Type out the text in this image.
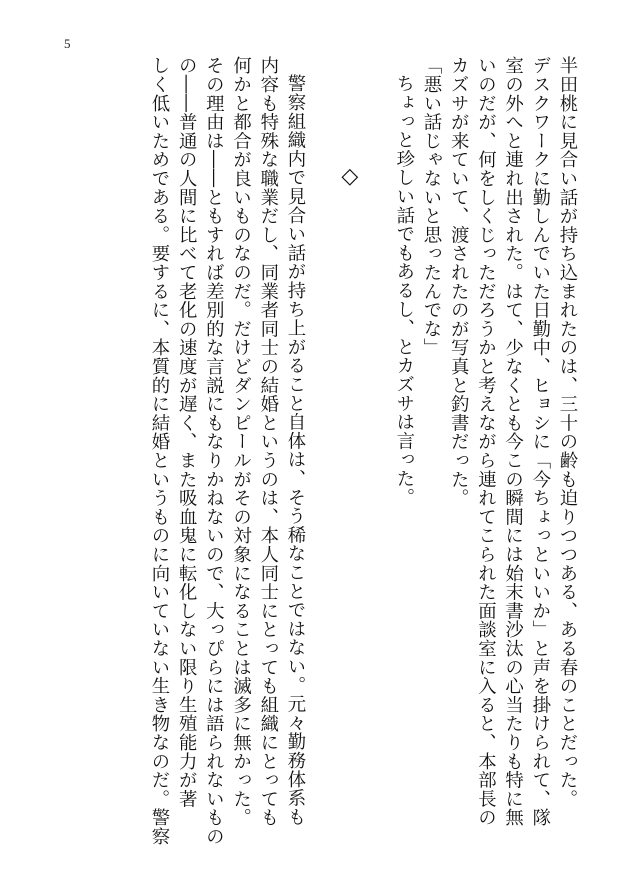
5
半田桃に見合い話が持ち込まれたのは、三十の齢も迫りつつある、ある春のことだった。
デスクワークに勤しんでいた日勤中、ヒョシに「今ちょっといいか」と声を掛けられて、隊
室の外へと連れ出された。はて、少なくとも今この瞬間には始末書沙汰の心当たりも特に無
いのだが、何をしくじっただろうかと考えながら連れてこられた面談室に入ると、本部長の
カズサが来ていて、渡されたのが写真と釣書だった。
「悪い話じゃないと思ったんでな」
ちょっと珍しい話でもあるし、とカズサは言った。

◇

警察組織内で見合い話が持ち上がること自体は、そう稀なことではない。元々勤務体系も
内容も特殊な職業だし、同業者同士の結婚というのは、本人同士にとっても組織にとっても
何かと都合が良いものなのだ。だけどダンピールがその対象になることは滅多に無かった。
その理由は――ともすれば差別的な言説にもなりかねないので、大っぴらには語られないもの
の――普通の人間に比べて老化の速度が遅く、また吸血鬼に転化しない限り生殖能力が著
しく低いためである。要するに、本質的に結婚というものに向いていない生き物なのだ。警察
